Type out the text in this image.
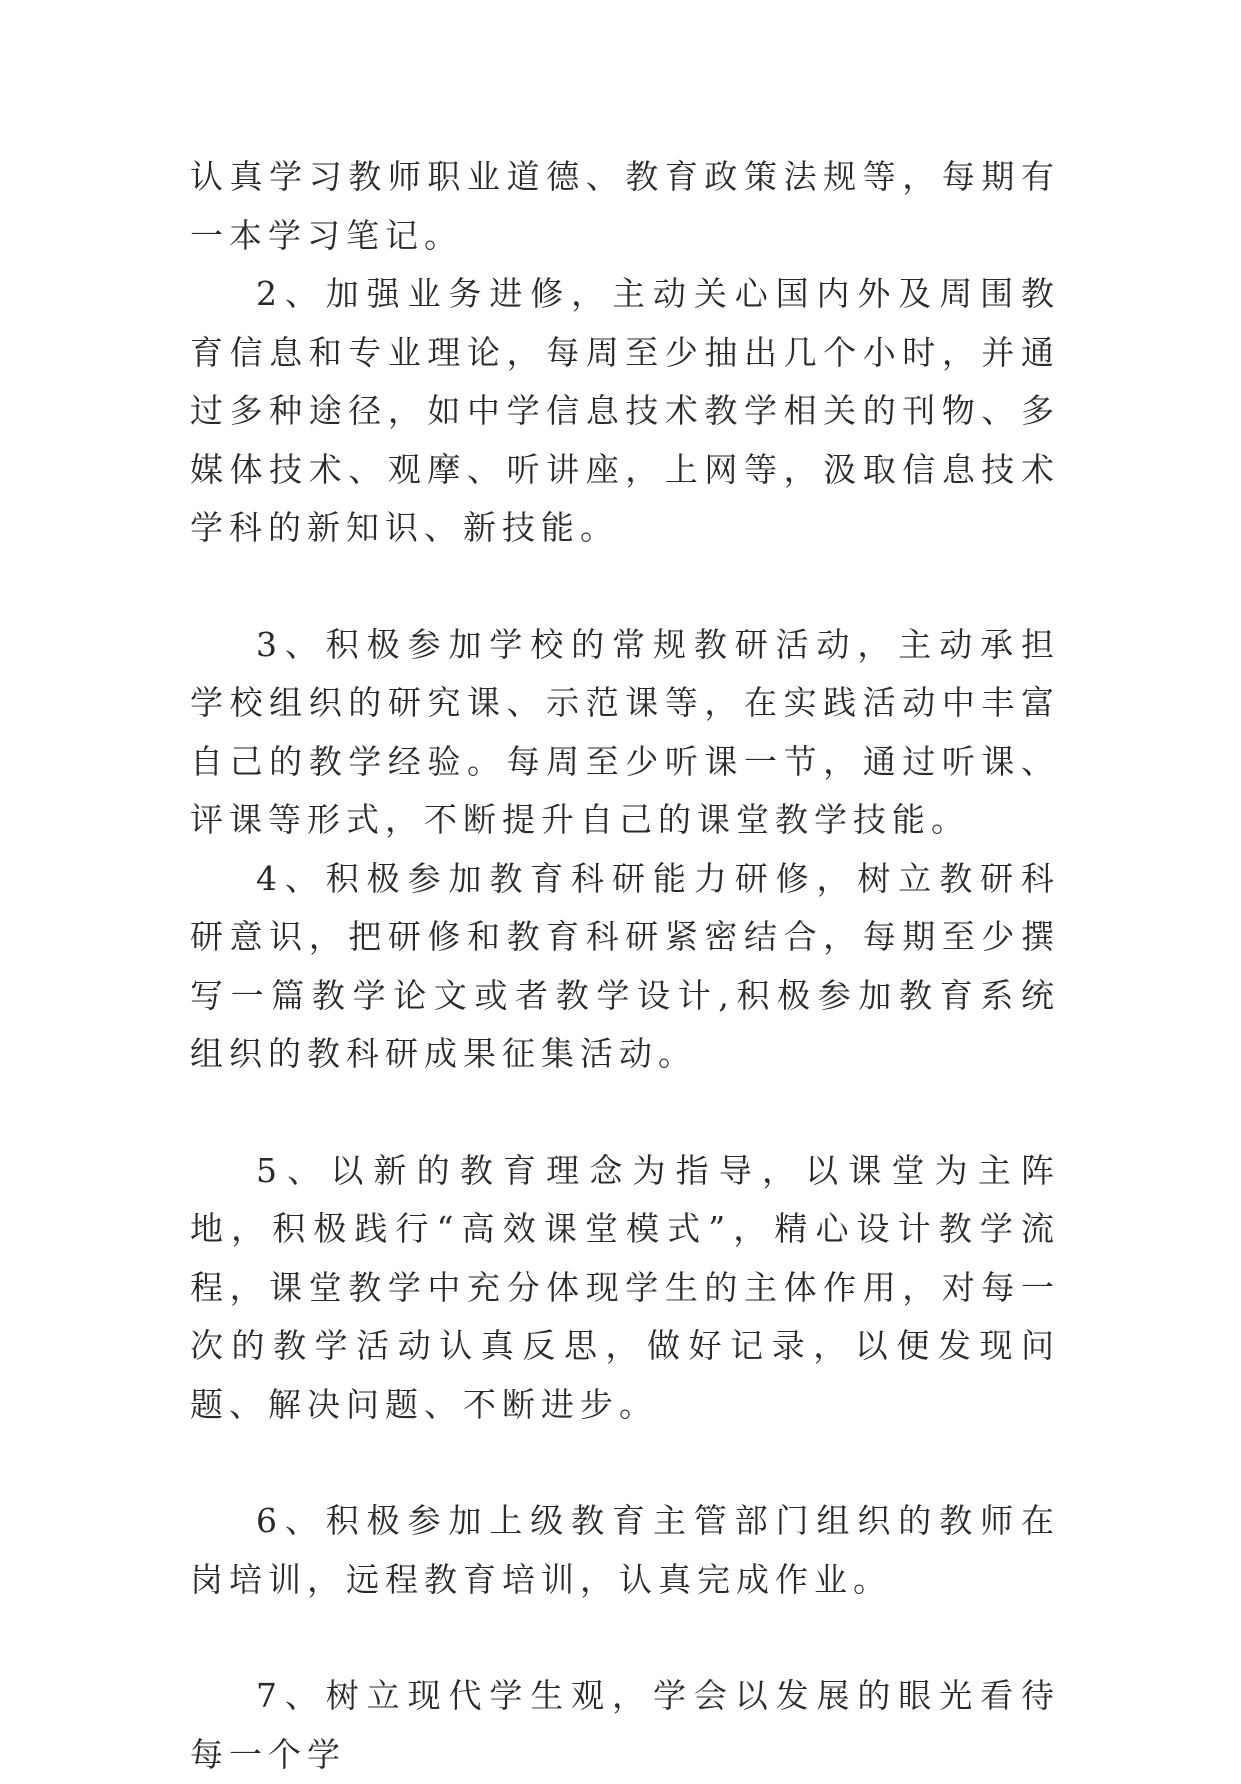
认真学习教师职业道德、教育政策法规等，每期有一本学习笔记。

2、加强业务进修，主动关心国内外及周围教育信息和专业理论，每周至少抽出几个小时，并通过多种途径，如中学信息技术教学相关的刊物、多媒体技术、观摩、听讲座，上网等，汲取信息技术学科的新知识、新技能。

3、积极参加学校的常规教研活动，主动承担学校组织的研究课、示范课等，在实践活动中丰富自己的教学经验。每周至少听课一节，通过听课、评课等形式，不断提升自己的课堂教学技能。

4、积极参加教育科研能力研修，树立教研科研意识，把研修和教育科研紧密结合，每期至少撰写一篇教学论文或者教学设计,积极参加教育系统组织的教科研成果征集活动。

5、以新的教育理念为指导，以课堂为主阵地，积极践行“高效课堂模式”，精心设计教学流程，课堂教学中充分体现学生的主体作用，对每一次的教学活动认真反思，做好记录，以便发现问题、解决问题、不断进步。

6、积极参加上级教育主管部门组织的教师在岗培训，远程教育培训，认真完成作业。

7、树立现代学生观，学会以发展的眼光看待每一个学
